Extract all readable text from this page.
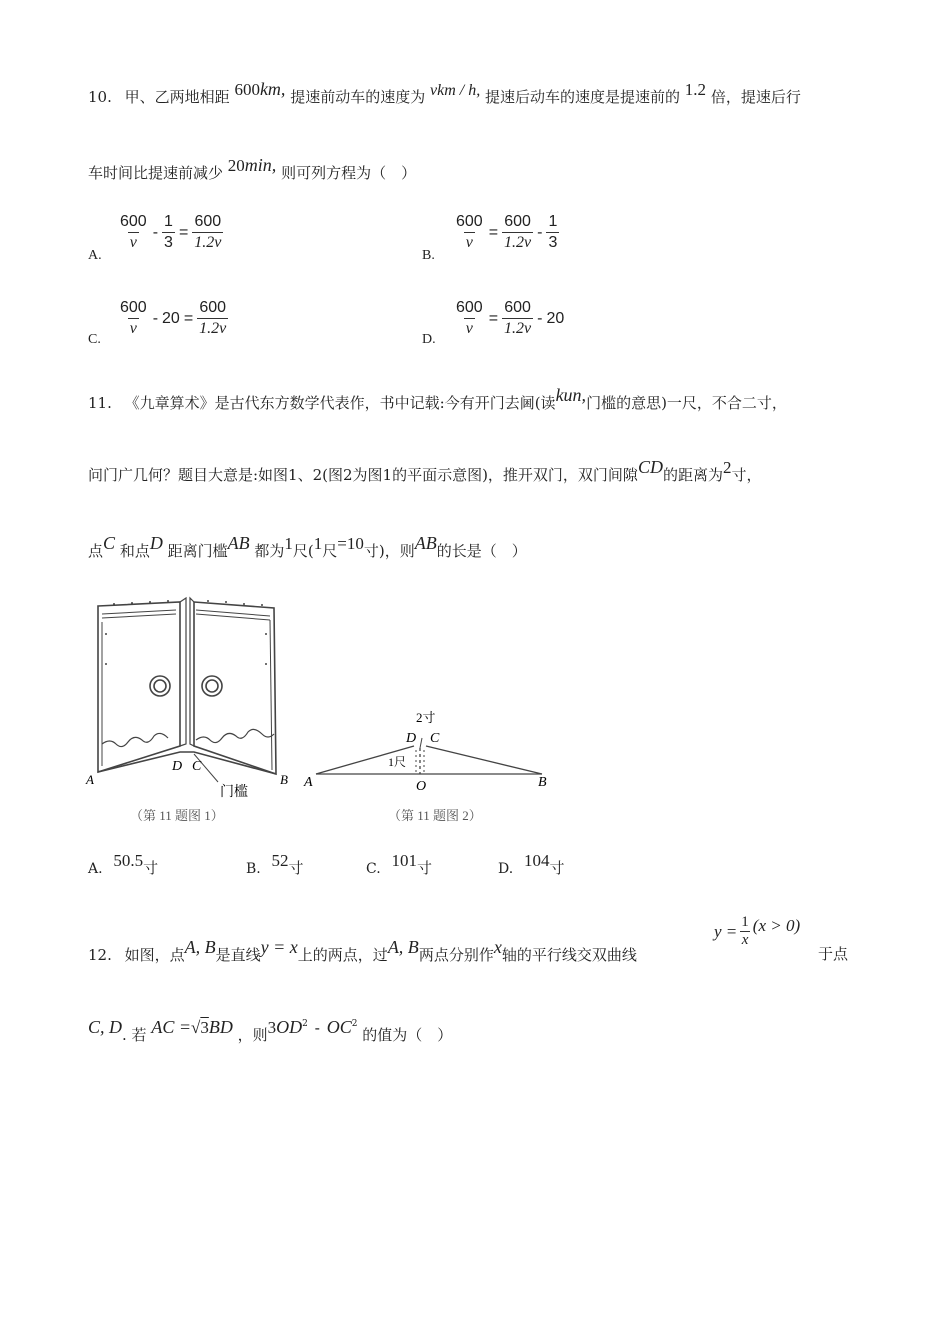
10. 甲、乙两地相距 600km, 提速前动车的速度为 vkm / h, 提速后动车的速度是提速前的 1.2 倍，提速后行
车时间比提速前减少 20min, 则可列方程为（　）
A.
$\frac{600}{v} - \frac{1}{3} = \frac{600}{1.2v}$
B.
$\frac{600}{v} = \frac{600}{1.2v} - \frac{1}{3}$
C.
$\frac{600}{v} - 20 = \frac{600}{1.2v}$
D.
$\frac{600}{v} = \frac{600}{1.2v} - 20$
11. 《九章算术》是古代东方数学代表作，书中记载:今有开门去阃(读kun,门槛的意思)一尺，不合二寸，
问门广几何？题目大意是:如图1、2(图2为图1的平面示意图)，推开双门，双门间隙CD的距离为2寸，
点C 和点D 距离门槛AB 都为1尺(1尺=10寸)，则AB的长是（　）
A
D C
B
门槛
（第 11 题图 1）
2寸
D C
1尺
A	O	B
（第 11 题图 2）
A. 50.5寸	B. 52寸	C. 101寸	D. 104寸
12. 如图，点A, B是直线y = x上的两点，过A, B两点分别作x轴的平行线交双曲线
$y = \frac{1}{x} (x > 0)$
于点
C, D. 若 AC =√3BD ，则$3OD^2 - OC^2$ 的值为（　）
